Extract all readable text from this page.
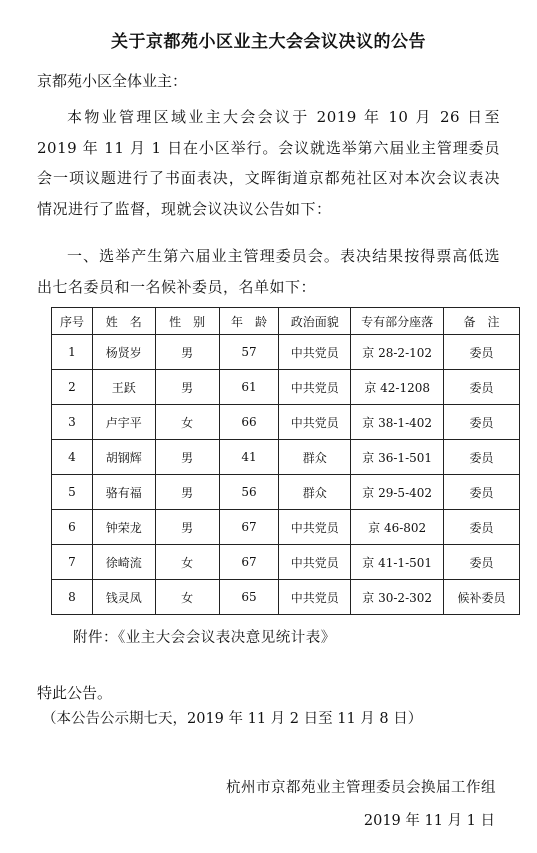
关于京都苑小区业主大会会议决议的公告
京都苑小区全体业主：
本物业管理区域业主大会会议于 2019 年 10 月 26 日至 2019 年 11 月 1 日在小区举行。会议就选举第六届业主管理委员会一项议题进行了书面表决，文晖街道京都苑社区对本次会议表决情况进行了监督，现就会议决议公告如下：
一、选举产生第六届业主管理委员会。表决结果按得票高低选出七名委员和一名候补委员，名单如下：
序号	姓　名	性　别	年　龄	政治面貌	专有部分座落	备　注
1	杨贤岁	男	57	中共党员	京 28-2-102	委员
2	王跃	男	61	中共党员	京 42-1208	委员
3	卢宇平	女	66	中共党员	京 38-1-402	委员
4	胡钢辉	男	41	群众	京 36-1-501	委员
5	骆有福	男	56	群众	京 29-5-402	委员
6	钟荣龙	男	67	中共党员	京 46-802	委员
7	徐崎流	女	67	中共党员	京 41-1-501	委员
8	钱灵凤	女	65	中共党员	京 30-2-302	候补委员
附件：《业主大会会议表决意见统计表》
特此公告。
（本公告公示期七天，2019 年 11 月 2 日至 11 月 8 日）
杭州市京都苑业主管理委员会换届工作组
2019 年 11 月 1 日
